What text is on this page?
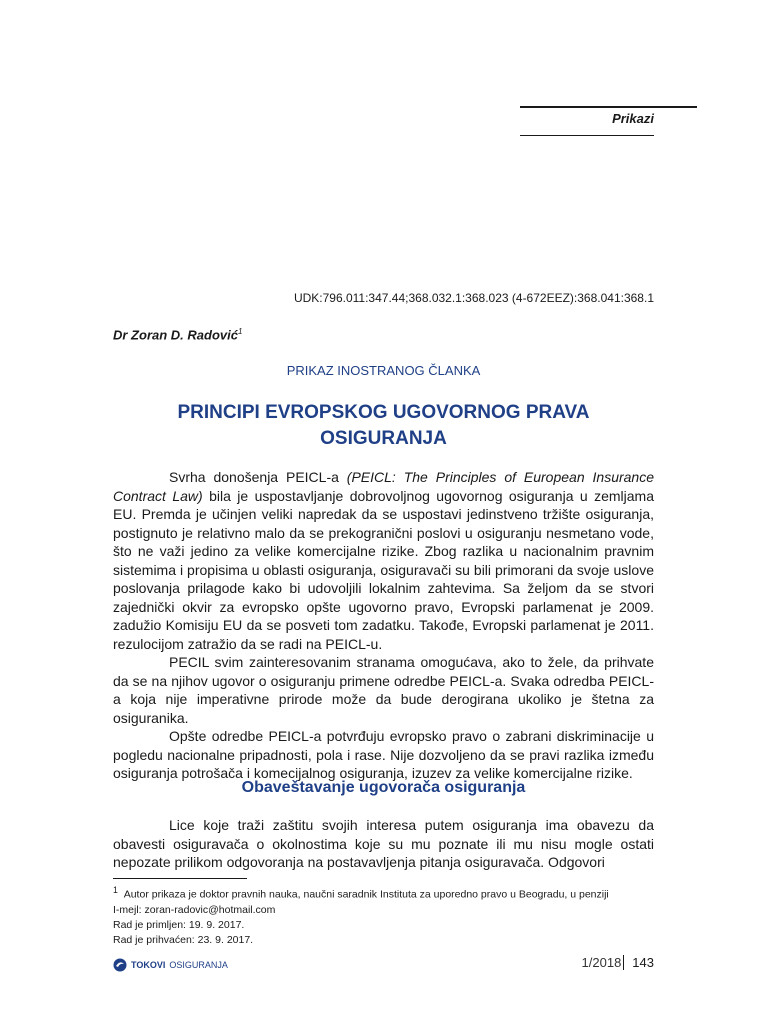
Prikazi
UDK:796.011:347.44;368.032.1:368.023 (4-672EEZ):368.041:368.1
Dr Zoran D. Radović$^1$
PRIKAZ INOSTRANOG ČLANKA
PRINCIPI EVROPSKOG UGOVORNOG PRAVA OSIGURANJA

Svrha donošenja PEICL-a (PEICL: The Principles of European Insurance Contract Law) bila je uspostavljanje dobrovoljnog ugovornog osiguranja u zemljama EU. Premda je učinjen veliki napredak da se uspostavi jedinstveno tržište osiguranja, postignuto je relativno malo da se prekogranični poslovi u osiguranju nesmetano vode, što ne važi jedino za velike komercijalne rizike. Zbog razlika u nacionalnim pravnim sistemima i propisima u oblasti osiguranja, osiguravači su bili primorani da svoje uslove poslovanja prilagode kako bi udovoljili lokalnim zahtevima. Sa željom da se stvori zajednički okvir za evropsko opšte ugovorno pravo, Evropski parlamenat je 2009. zadužio Komisiju EU da se posveti tom zadatku. Takođe, Evropski parlamenat je 2011. rezulocijom zatražio da se radi na PEICL-u.

PECIL svim zainteresovanim stranama omogućava, ako to žele, da prihvate da se na njihov ugovor o osiguranju primene odredbe PEICL-a. Svaka odredba PEICL-a koja nije imperativne prirode može da bude derogirana ukoliko je štetna za osiguranika.

Opšte odredbe PEICL-a potvrđuju evropsko pravo o zabrani diskriminacije u pogledu nacionalne pripadnosti, pola i rase. Nije dozvoljeno da se pravi razlika između osiguranja potrošača i komecijalnog osiguranja, izuzev za velike komercijalne rizike.

Obaveštavanje ugovorača osiguranja

Lice koje traži zaštitu svojih interesa putem osiguranja ima obavezu da obavesti osiguravača o okolnostima koje su mu poznate ili mu nisu mogle ostati nepozate prilikom odgovoranja na postavavljenja pitanja osiguravača. Odgovori

$^1$ Autor prikaza je doktor pravnih nauka, naučni saradnik Instituta za uporedno pravo u Beogradu, u penziji
I-mejl: zoran-radovic@hotmail.com
Rad je primljen: 19. 9. 2017.
Rad je prihvaćen: 23. 9. 2017.
TOKOVI OSIGURANJA	1/2018 143
